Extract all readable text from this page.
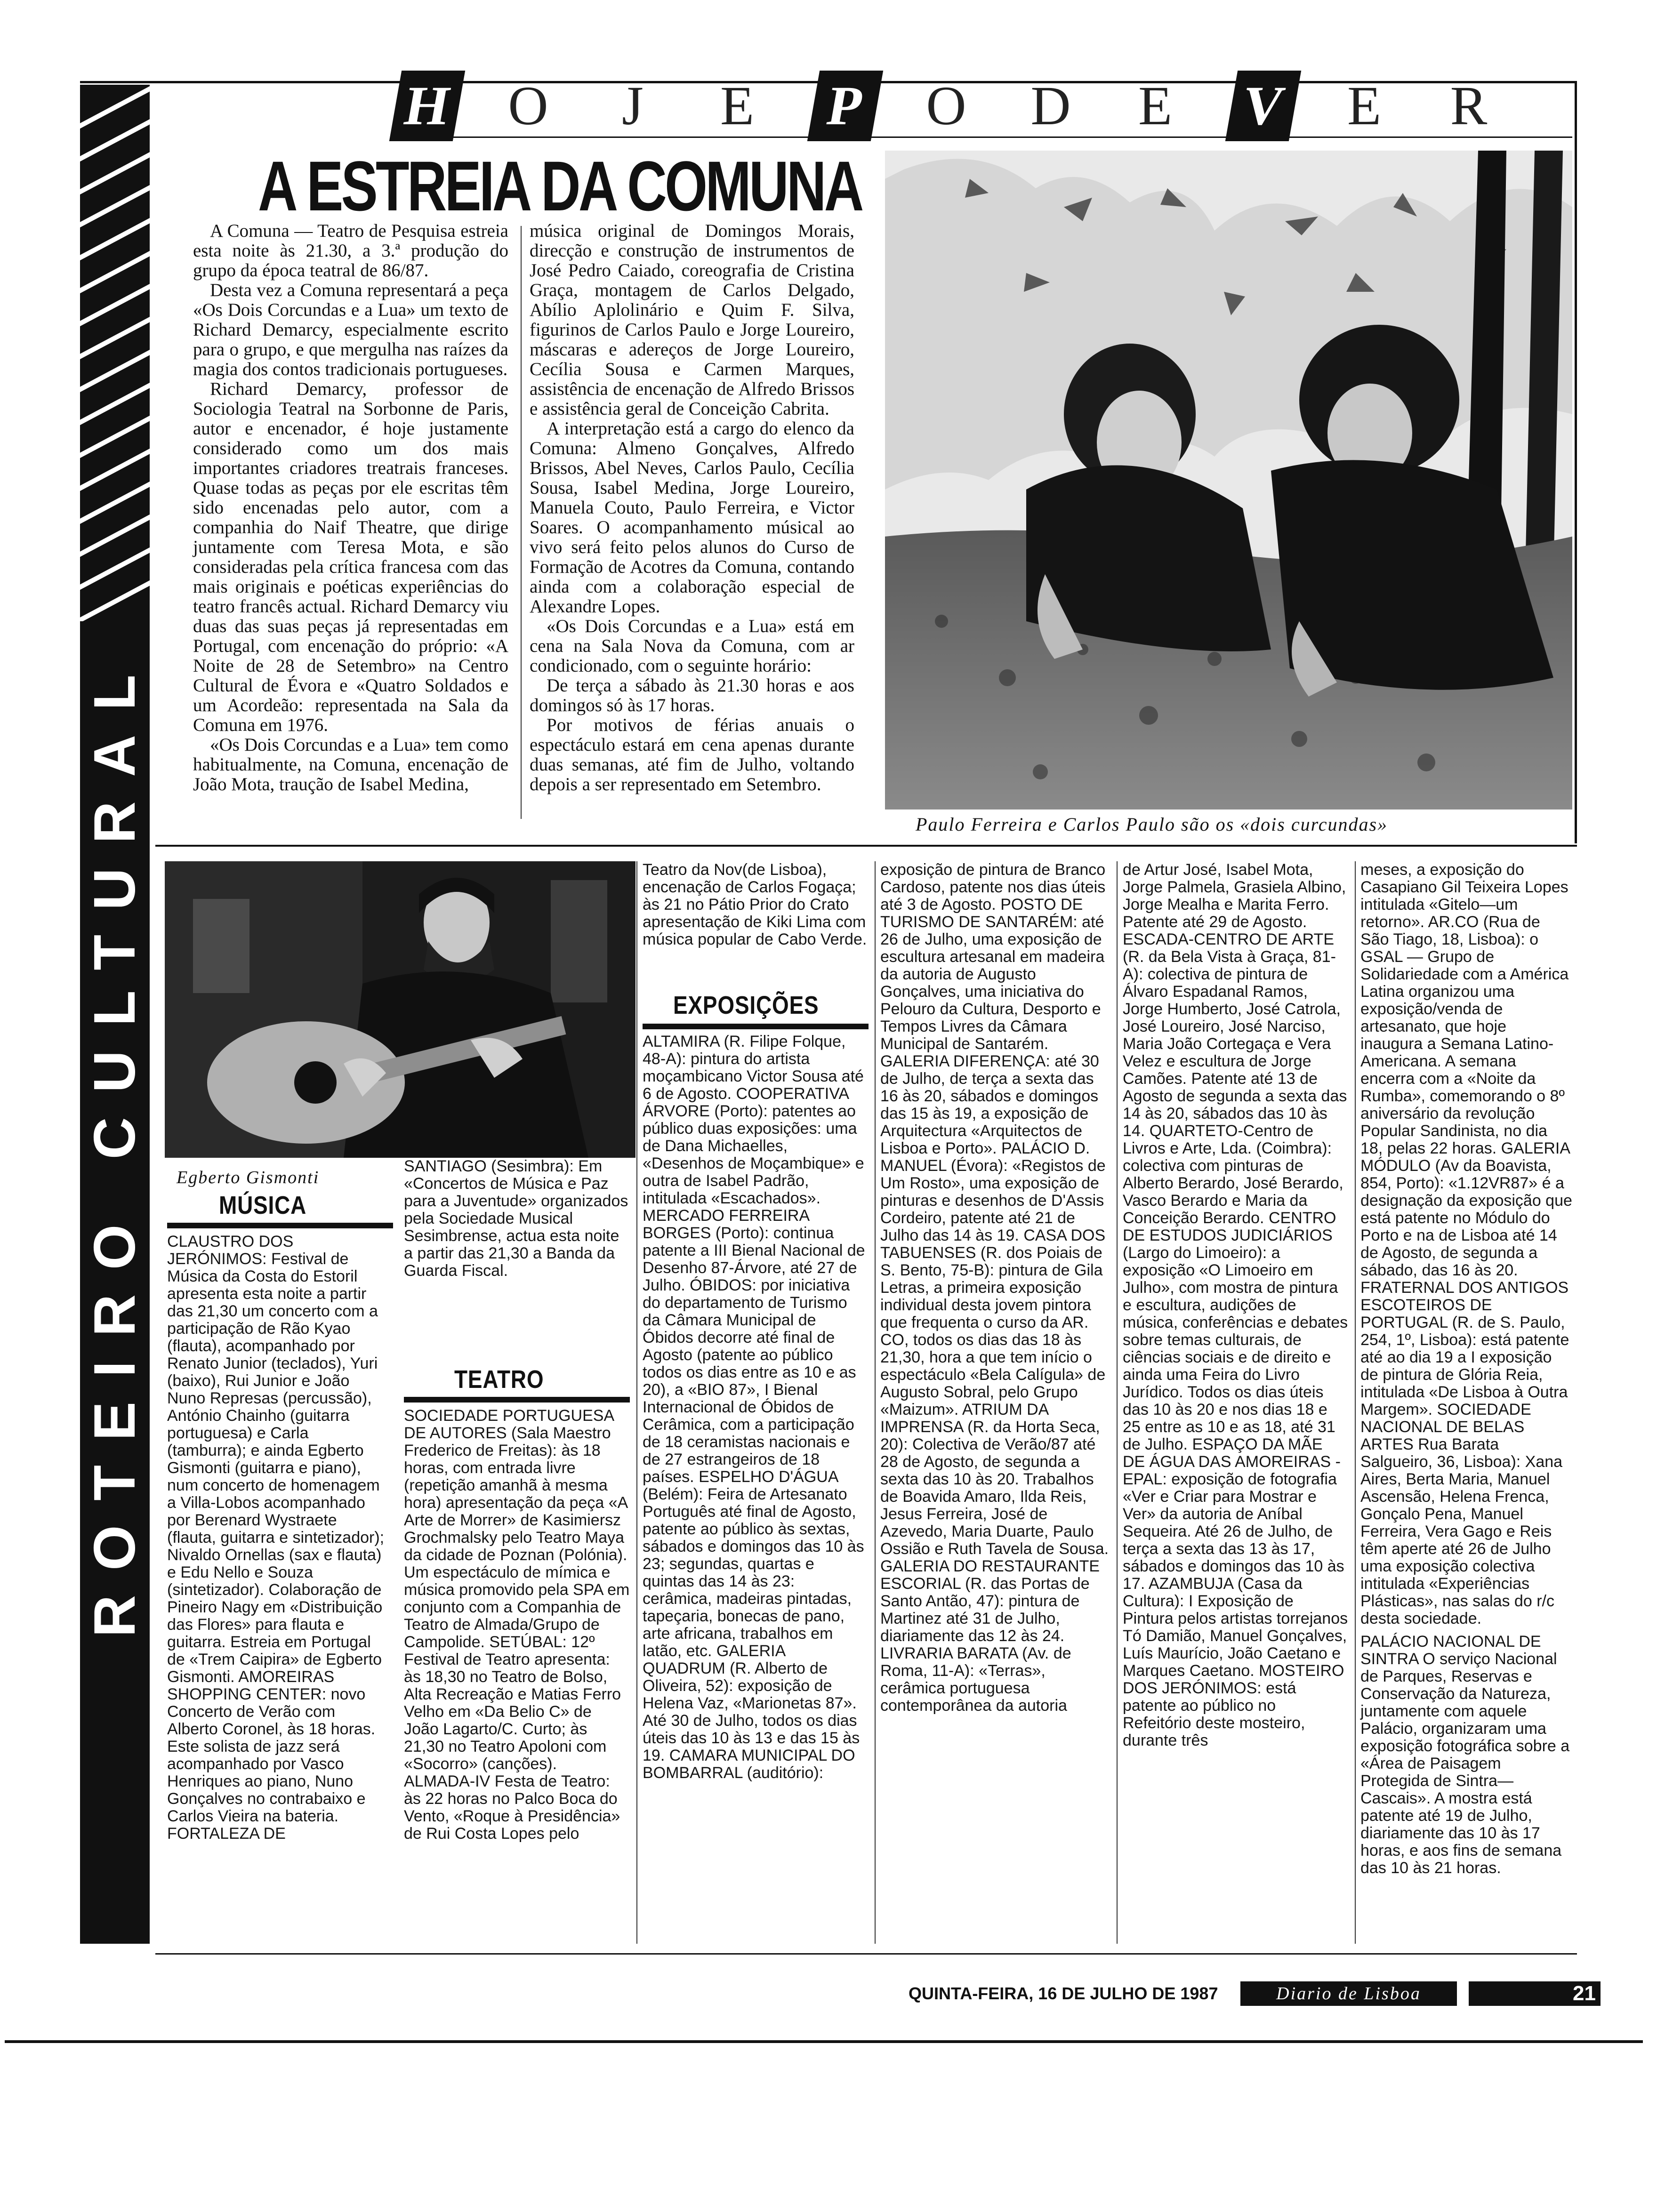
ROTEIRO CULTURAL
H O	J	E P O D E V E R
A ESTREIA DA COMUNA

A Comuna — Teatro de Pesquisa estreia esta noite às 21.30, a 3.ª produção do grupo da época teatral de 86/87.

Desta vez a Comuna representará a peça «Os Dois Corcundas e a Lua» um texto de Richard Demarcy, especialmente escrito para o grupo, e que mergulha nas raízes da magia dos contos tradicionais portugueses.

Richard Demarcy, professor de Sociologia Teatral na Sorbonne de Paris, autor e encenador, é hoje justamente considerado como um dos mais importantes criadores treatrais franceses. Quase todas as peças por ele escritas têm sido encenadas pelo autor, com a companhia do Naif Theatre, que dirige juntamente com Teresa Mota, e são consideradas pela crítica francesa com das mais originais e poéticas experiências do teatro francês actual. Richard Demarcy viu duas das suas peças já representadas em Portugal, com encenação do próprio: «A Noite de 28 de Setembro» na Centro Cultural de Évora e «Quatro Soldados e um Acordeão: representada na Sala da Comuna em 1976.

«Os Dois Corcundas e a Lua» tem como habitualmente, na Comuna, encenação de João Mota, traução de Isabel Medina,

música original de Domingos Morais, direcção e construção de instrumentos de José Pedro Caiado, coreografia de Cristina Graça, montagem de Carlos Delgado, Abílio Aplolinário e Quim F. Silva, figurinos de Carlos Paulo e Jorge Loureiro, máscaras e adereços de Jorge Loureiro, Cecília Sousa e Carmen Marques, assistência de encenação de Alfredo Brissos e assistência geral de Conceição Cabrita.

A interpretação está a cargo do elenco da Comuna: Almeno Gonçalves, Alfredo Brissos, Abel Neves, Carlos Paulo, Cecília Sousa, Isabel Medina, Jorge Loureiro, Manuela Couto, Paulo Ferreira, e Victor Soares. O acompanhamento músical ao vivo será feito pelos alunos do Curso de Formação de Acotres da Comuna, contando ainda com a colaboração especial de Alexandre Lopes.

«Os Dois Corcundas e a Lua» está em cena na Sala Nova da Comuna, com ar condicionado, com o seguinte horário:

De terça a sábado às 21.30 horas e aos domingos só às 17 horas.

Por motivos de férias anuais o espectáculo estará em cena apenas durante duas semanas, até fim de Julho, voltando depois a ser representado em Setembro.

Paulo Ferreira e Carlos Paulo são os «dois curcundas»
Egberto Gismonti
MÚSICA

CLAUSTRO DOS JERÓNIMOS: Festival de Música da Costa do Estoril apresenta esta noite a partir das 21,30 um concerto com a participação de Rão Kyao (flauta), acompanhado por Renato Junior (teclados), Yuri (baixo), Rui Junior e João Nuno Represas (percussão), António Chainho (guitarra portuguesa) e Carla (tamburra); e ainda Egberto Gismonti (guitarra e piano), num concerto de homenagem a Villa-Lobos acompanhado por Berenard Wystraete (flauta, guitarra e sintetizador); Nivaldo Ornellas (sax e flauta) e Edu Nello e Souza (sintetizador). Colaboração de Pineiro Nagy em «Distribuição das Flores» para flauta e guitarra. Estreia em Portugal de «Trem Caipira» de Egberto Gismonti. AMOREIRAS SHOPPING CENTER: novo Concerto de Verão com Alberto Coronel, às 18 horas. Este solista de jazz será acompanhado por Vasco Henriques ao piano, Nuno Gonçalves no contrabaixo e Carlos Vieira na bateria. FORTALEZA DE

SANTIAGO (Sesimbra): Em «Concertos de Música e Paz para a Juventude» organizados pela Sociedade Musical Sesimbrense, actua esta noite a partir das 21,30 a Banda da Guarda Fiscal.

TEATRO

SOCIEDADE PORTUGUESA DE AUTORES (Sala Maestro Frederico de Freitas): às 18 horas, com entrada livre (repetição amanhã à mesma hora) apresentação da peça «A Arte de Morrer» de Kasimiersz Grochmalsky pelo Teatro Maya da cidade de Poznan (Polónia). Um espectáculo de mímica e música promovido pela SPA em conjunto com a Companhia de Teatro de Almada/Grupo de Campolide. SETÚBAL: 12º Festival de Teatro apresenta: às 18,30 no Teatro de Bolso, Alta Recreação e Matias Ferro Velho em «Da Belio C» de João Lagarto/C. Curto; às 21,30 no Teatro Apoloni com «Socorro» (canções). ALMADA-IV Festa de Teatro: às 22 horas no Palco Boca do Vento, «Roque à Presidência» de Rui Costa Lopes pelo

Teatro da Nov(de Lisboa), encenação de Carlos Fogaça; às 21 no Pátio Prior do Crato apresentação de Kiki Lima com música popular de Cabo Verde.

EXPOSIÇÕES

ALTAMIRA (R. Filipe Folque, 48-A): pintura do artista moçambicano Victor Sousa até 6 de Agosto. COOPERATIVA ÁRVORE (Porto): patentes ao público duas exposições: uma de Dana Michaelles, «Desenhos de Moçambique» e outra de Isabel Padrão, intitulada «Escachados». MERCADO FERREIRA BORGES (Porto): continua patente a III Bienal Nacional de Desenho 87-Árvore, até 27 de Julho. ÓBIDOS: por iniciativa do departamento de Turismo da Câmara Municipal de Óbidos decorre até final de Agosto (patente ao público todos os dias entre as 10 e as 20), a «BIO 87», I Bienal Internacional de Óbidos de Cerâmica, com a participação de 18 ceramistas nacionais e de 27 estrangeiros de 18 países. ESPELHO D'ÁGUA (Belém): Feira de Artesanato Português até final de Agosto, patente ao público às sextas, sábados e domingos das 10 às 23; segundas, quartas e quintas das 14 às 23: cerâmica, madeiras pintadas, tapeçaria, bonecas de pano, arte africana, trabalhos em latão, etc. GALERIA QUADRUM (R. Alberto de Oliveira, 52): exposição de Helena Vaz, «Marionetas 87». Até 30 de Julho, todos os dias úteis das 10 às 13 e das 15 às 19. CAMARA MUNICIPAL DO BOMBARRAL (auditório):

exposição de pintura de Branco Cardoso, patente nos dias úteis até 3 de Agosto. POSTO DE TURISMO DE SANTARÉM: até 26 de Julho, uma exposição de escultura artesanal em madeira da autoria de Augusto Gonçalves, uma iniciativa do Pelouro da Cultura, Desporto e Tempos Livres da Câmara Municipal de Santarém. GALERIA DIFERENÇA: até 30 de Julho, de terça a sexta das 16 às 20, sábados e domingos das 15 às 19, a exposição de Arquitectura «Arquitectos de Lisboa e Porto». PALÁCIO D. MANUEL (Évora): «Registos de Um Rosto», uma exposição de pinturas e desenhos de D'Assis Cordeiro, patente até 21 de Julho das 14 às 19. CASA DOS TABUENSES (R. dos Poiais de S. Bento, 75-B): pintura de Gila Letras, a primeira exposição individual desta jovem pintora que frequenta o curso da AR. CO, todos os dias das 18 às 21,30, hora a que tem início o espectáculo «Bela Calígula» de Augusto Sobral, pelo Grupo «Maizum». ATRIUM DA IMPRENSA (R. da Horta Seca, 20): Colectiva de Verão/87 até 28 de Agosto, de segunda a sexta das 10 às 20. Trabalhos de Boavida Amaro, Ilda Reis, Jesus Ferreira, José de Azevedo, Maria Duarte, Paulo Ossião e Ruth Tavela de Sousa. GALERIA DO RESTAURANTE ESCORIAL (R. das Portas de Santo Antão, 47): pintura de Martinez até 31 de Julho, diariamente das 12 às 24. LIVRARIA BARATA (Av. de Roma, 11-A): «Terras», cerâmica portuguesa contemporânea da autoria

de Artur José, Isabel Mota, Jorge Palmela, Grasiela Albino, Jorge Mealha e Marita Ferro. Patente até 29 de Agosto. ESCADA-CENTRO DE ARTE (R. da Bela Vista à Graça, 81-A): colectiva de pintura de Álvaro Espadanal Ramos, Jorge Humberto, José Catrola, José Loureiro, José Narciso, Maria João Cortegaça e Vera Velez e escultura de Jorge Camões. Patente até 13 de Agosto de segunda a sexta das 14 às 20, sábados das 10 às 14. QUARTETO-Centro de Livros e Arte, Lda. (Coimbra): colectiva com pinturas de Alberto Berardo, José Berardo, Vasco Berardo e Maria da Conceição Berardo. CENTRO DE ESTUDOS JUDICIÁRIOS (Largo do Limoeiro): a exposição «O Limoeiro em Julho», com mostra de pintura e escultura, audições de música, conferências e debates sobre temas culturais, de ciências sociais e de direito e ainda uma Feira do Livro Jurídico. Todos os dias úteis das 10 às 20 e nos dias 18 e 25 entre as 10 e as 18, até 31 de Julho. ESPAÇO DA MÃE DE ÁGUA DAS AMOREIRAS - EPAL: exposição de fotografia «Ver e Criar para Mostrar e Ver» da autoria de Aníbal Sequeira. Até 26 de Julho, de terça a sexta das 13 às 17, sábados e domingos das 10 às 17. AZAMBUJA (Casa da Cultura): I Exposição de Pintura pelos artistas torrejanos Tó Damião, Manuel Gonçalves, Luís Maurício, João Caetano e Marques Caetano. MOSTEIRO DOS JERÓNIMOS: está patente ao público no Refeitório deste mosteiro, durante três

meses, a exposição do Casapiano Gil Teixeira Lopes intitulada «Gitelo—um retorno». AR.CO (Rua de São Tiago, 18, Lisboa): o GSAL — Grupo de Solidariedade com a América Latina organizou uma exposição/venda de artesanato, que hoje inaugura a Semana Latino-Americana. A semana encerra com a «Noite da Rumba», comemorando o 8º aniversário da revolução Popular Sandinista, no dia 18, pelas 22 horas. GALERIA MÓDULO (Av da Boavista, 854, Porto): «1.12VR87» é a designação da exposição que está patente no Módulo do Porto e na de Lisboa até 14 de Agosto, de segunda a sábado, das 16 às 20. FRATERNAL DOS ANTIGOS ESCOTEIROS DE PORTUGAL (R. de S. Paulo, 254, 1º, Lisboa): está patente até ao dia 19 a I exposição de pintura de Glória Reia, intitulada «De Lisboa à Outra Margem». SOCIEDADE NACIONAL DE BELAS ARTES Rua Barata Salgueiro, 36, Lisboa): Xana Aires, Berta Maria, Manuel Ascensão, Helena Frenca, Gonçalo Pena, Manuel Ferreira, Vera Gago e Reis têm aperte até 26 de Julho uma exposição colectiva intitulada «Experiências Plásticas», nas salas do r/c desta sociedade.

PALÁCIO NACIONAL DE SINTRA O serviço Nacional de Parques, Reservas e Conservação da Natureza, juntamente com aquele Palácio, organizaram uma exposição fotográfica sobre a «Área de Paisagem Protegida de Sintra—Cascais». A mostra está patente até 19 de Julho, diariamente das 10 às 17 horas, e aos fins de semana das 10 às 21 horas.

QUINTA-FEIRA, 16 DE JULHO DE 1987	Diario de Lisboa	21
